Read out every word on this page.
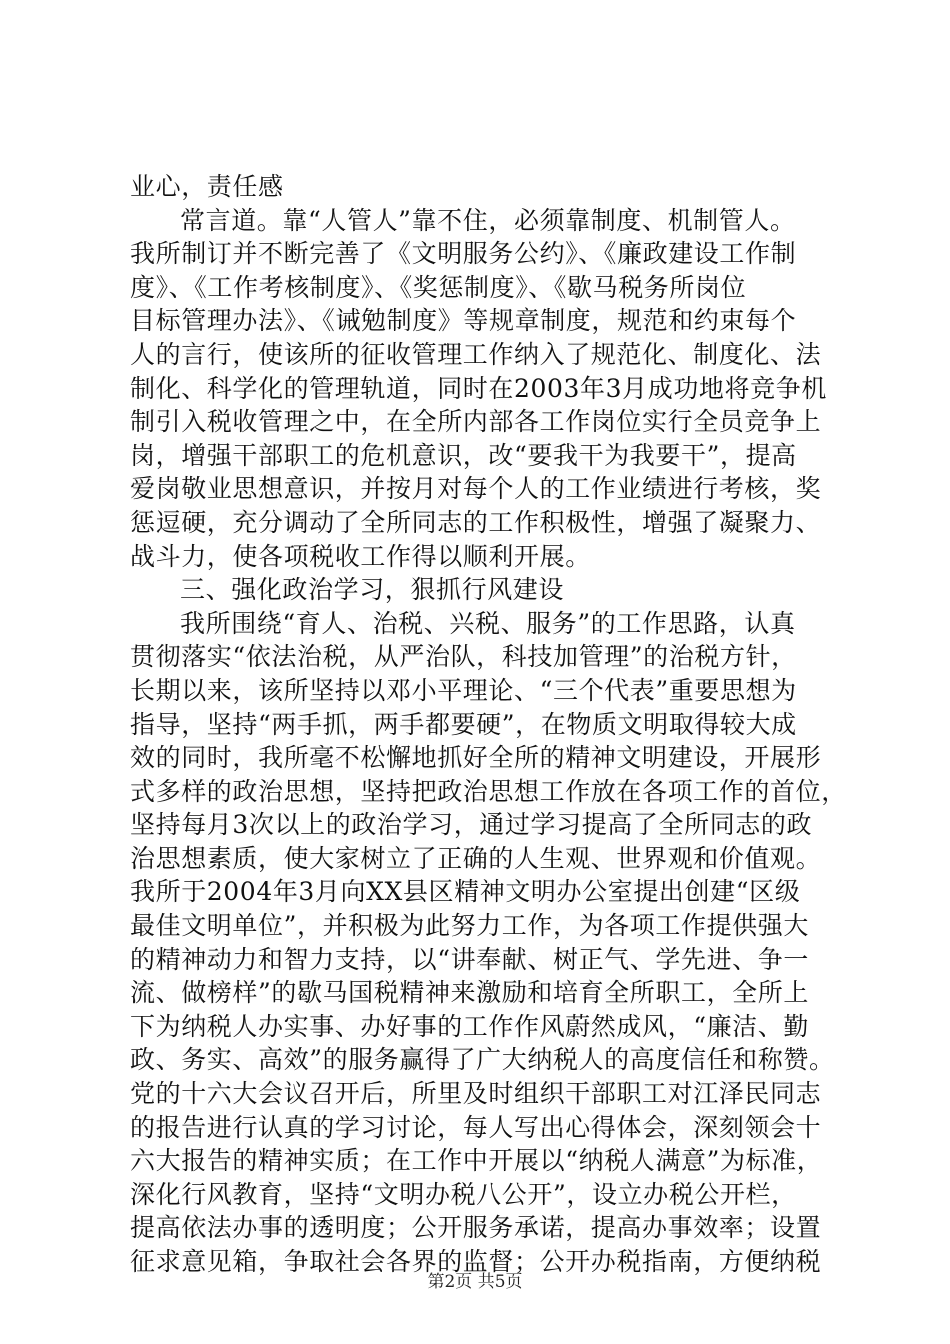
业心，责任感
常言道。靠“人管人”靠不住，必须靠制度、机制管人。
我所制订并不断完善了《文明服务公约》、《廉政建设工作制
度》、《工作考核制度》、《奖惩制度》、《歇马税务所岗位
目标管理办法》、《诫勉制度》等规章制度，规范和约束每个
人的言行，使该所的征收管理工作纳入了规范化、制度化、法
制化、科学化的管理轨道，同时在2003年3月成功地将竞争机
制引入税收管理之中，在全所内部各工作岗位实行全员竞争上
岗，增强干部职工的危机意识，改“要我干为我要干”，提高
爱岗敬业思想意识，并按月对每个人的工作业绩进行考核，奖
惩逗硬，充分调动了全所同志的工作积极性，增强了凝聚力、
战斗力，使各项税收工作得以顺利开展。
三、强化政治学习，狠抓行风建设
我所围绕“育人、治税、兴税、服务”的工作思路，认真
贯彻落实“依法治税，从严治队，科技加管理”的治税方针，
长期以来，该所坚持以邓小平理论、“三个代表”重要思想为
指导，坚持“两手抓，两手都要硬”，在物质文明取得较大成
效的同时，我所毫不松懈地抓好全所的精神文明建设，开展形
式多样的政治思想，坚持把政治思想工作放在各项工作的首位，
坚持每月3次以上的政治学习，通过学习提高了全所同志的政
治思想素质，使大家树立了正确的人生观、世界观和价值观。
我所于2004年3月向XX县区精神文明办公室提出创建“区级
最佳文明单位”，并积极为此努力工作，为各项工作提供强大
的精神动力和智力支持，以“讲奉献、树正气、学先进、争一
流、做榜样”的歇马国税精神来激励和培育全所职工，全所上
下为纳税人办实事、办好事的工作作风蔚然成风，“廉洁、勤
政、务实、高效”的服务赢得了广大纳税人的高度信任和称赞。
党的十六大会议召开后，所里及时组织干部职工对江泽民同志
的报告进行认真的学习讨论，每人写出心得体会，深刻领会十
六大报告的精神实质；在工作中开展以“纳税人满意”为标准，
深化行风教育，坚持“文明办税八公开”，设立办税公开栏，
提高依法办事的透明度；公开服务承诺，提高办事效率；设置
征求意见箱，争取社会各界的监督；公开办税指南，方便纳税
第2页 共5页
